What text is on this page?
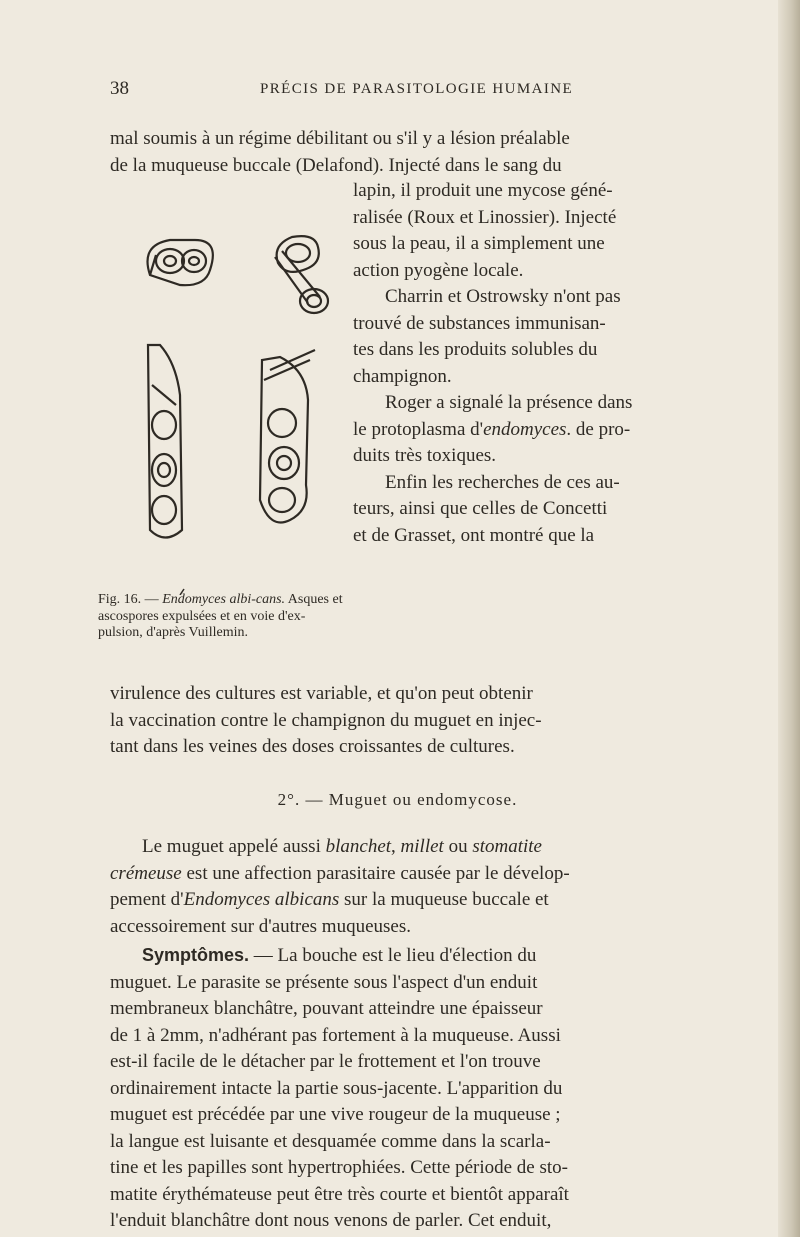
38	PRÉCIS DE PARASITOLOGIE HUMAINE
mal soumis à un régime débilitant ou s'il y a lésion préalable
de la muqueuse buccale (Delafond). Injecté dans le sang du
Fig. 16. — Endomyces albi-cans. Asques et ascospores expulsées et en voie d'ex-pulsion, d'après Vuillemin.
lapin, il produit une mycose géné-
ralisée (Roux et Linossier). Injecté
sous la peau, il a simplement une
action pyogène locale.
Charrin et Ostrowsky n'ont pas
trouvé de substances immunisan-
tes dans les produits solubles du
champignon.
Roger a signalé la présence dans
le protoplasma d'endomyces. de pro-
duits très toxiques.
Enfin les recherches de ces au-
teurs, ainsi que celles de Concetti
et de Grasset, ont montré que la
virulence des cultures est variable, et qu'on peut obtenir
la vaccination contre le champignon du muguet en injec-
tant dans les veines des doses croissantes de cultures.
2°. — Muguet ou endomycose.
Le muguet appelé aussi blanchet, millet ou stomatite
crémeuse est une affection parasitaire causée par le dévelop-
pement d'Endomyces albicans sur la muqueuse buccale et
accessoirement sur d'autres muqueuses.
Symptômes. — La bouche est le lieu d'élection du
muguet. Le parasite se présente sous l'aspect d'un enduit
membraneux blanchâtre, pouvant atteindre une épaisseur
de 1 à 2mm, n'adhérant pas fortement à la muqueuse. Aussi
est-il facile de le détacher par le frottement et l'on trouve
ordinairement intacte la partie sous-jacente. L'apparition du
muguet est précédée par une vive rougeur de la muqueuse ;
la langue est luisante et desquamée comme dans la scarla-
tine et les papilles sont hypertrophiées. Cette période de sto-
matite érythémateuse peut être très courte et bientôt apparaît
l'enduit blanchâtre dont nous venons de parler. Cet enduit,
